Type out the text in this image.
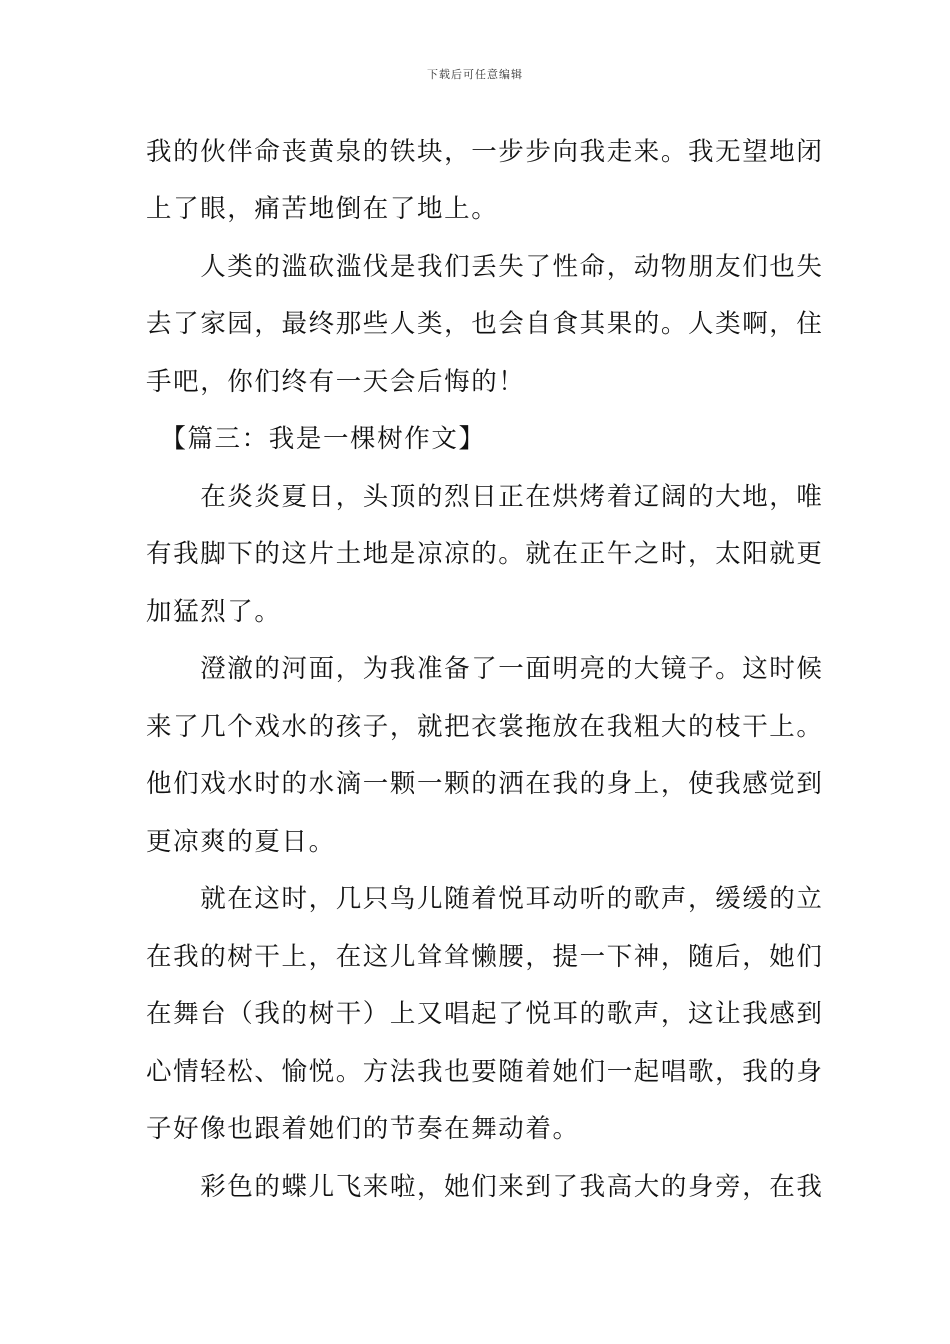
下载后可任意编辑
我的伙伴命丧黄泉的铁块，一步步向我走来。我无望地闭
上了眼，痛苦地倒在了地上。
　　人类的滥砍滥伐是我们丢失了性命，动物朋友们也失
去了家园，最终那些人类，也会自食其果的。人类啊，住
手吧，你们终有一天会后悔的！
　【篇三：我是一棵树作文】
　　在炎炎夏日，头顶的烈日正在烘烤着辽阔的大地，唯
有我脚下的这片土地是凉凉的。就在正午之时，太阳就更
加猛烈了。
　　澄澈的河面，为我准备了一面明亮的大镜子。这时候
来了几个戏水的孩子，就把衣裳拖放在我粗大的枝干上。
他们戏水时的水滴一颗一颗的洒在我的身上，使我感觉到
更凉爽的夏日。
　　就在这时，几只鸟儿随着悦耳动听的歌声，缓缓的立
在我的树干上，在这儿耸耸懒腰，提一下神，随后，她们
在舞台（我的树干）上又唱起了悦耳的歌声，这让我感到
心情轻松、愉悦。方法我也要随着她们一起唱歌，我的身
子好像也跟着她们的节奏在舞动着。
　　彩色的蝶儿飞来啦，她们来到了我高大的身旁，在我
